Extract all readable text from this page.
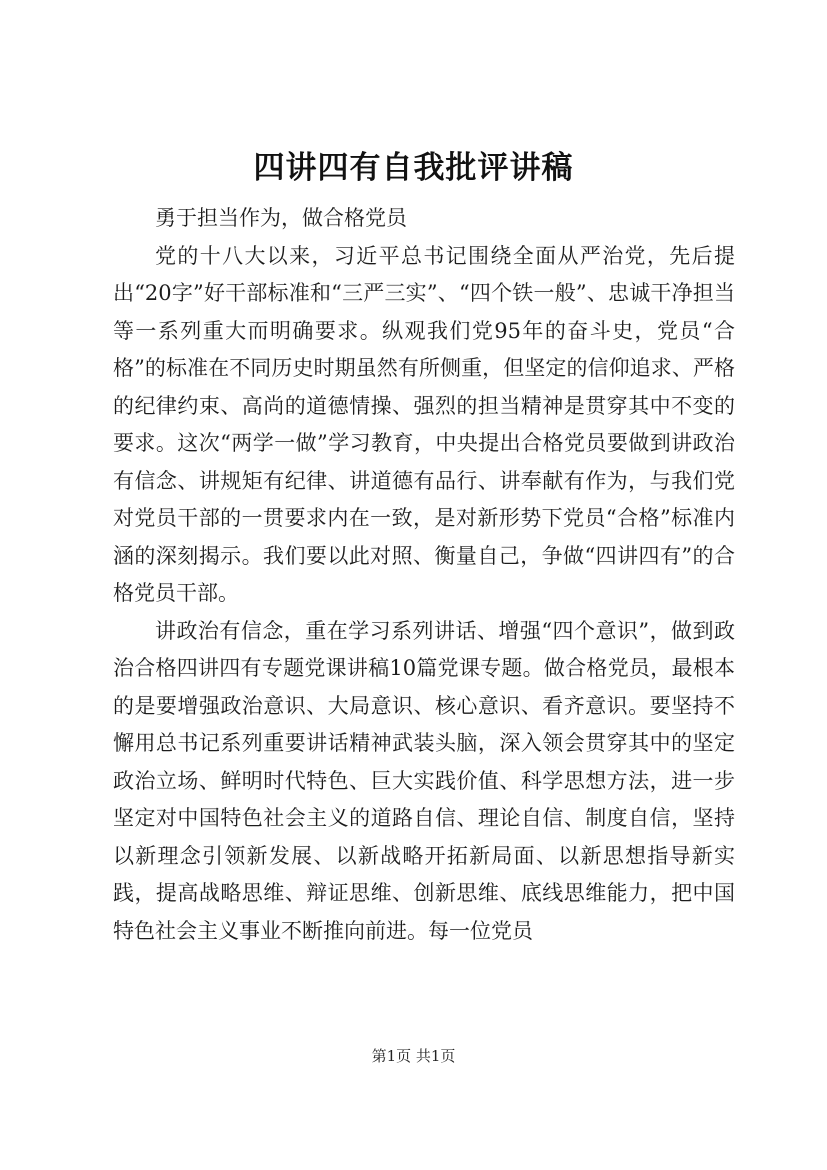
四讲四有自我批评讲稿

勇于担当作为，做合格党员

党的十八大以来，习近平总书记围绕全面从严治党，先后提出“20字”好干部标准和“三严三实”、“四个铁一般”、忠诚干净担当等一系列重大而明确要求。纵观我们党95年的奋斗史，党员“合格”的标准在不同历史时期虽然有所侧重，但坚定的信仰追求、严格的纪律约束、高尚的道德情操、强烈的担当精神是贯穿其中不变的要求。这次“两学一做”学习教育，中央提出合格党员要做到讲政治有信念、讲规矩有纪律、讲道德有品行、讲奉献有作为，与我们党对党员干部的一贯要求内在一致，是对新形势下党员“合格”标准内涵的深刻揭示。我们要以此对照、衡量自己，争做“四讲四有”的合格党员干部。

讲政治有信念，重在学习系列讲话、增强“四个意识”，做到政治合格四讲四有专题党课讲稿10篇党课专题。做合格党员，最根本的是要增强政治意识、大局意识、核心意识、看齐意识。要坚持不懈用总书记系列重要讲话精神武装头脑，深入领会贯穿其中的坚定政治立场、鲜明时代特色、巨大实践价值、科学思想方法，进一步坚定对中国特色社会主义的道路自信、理论自信、制度自信，坚持以新理念引领新发展、以新战略开拓新局面、以新思想指导新实践，提高战略思维、辩证思维、创新思维、底线思维能力，把中国特色社会主义事业不断推向前进。每一位党员

第1页 共1页
